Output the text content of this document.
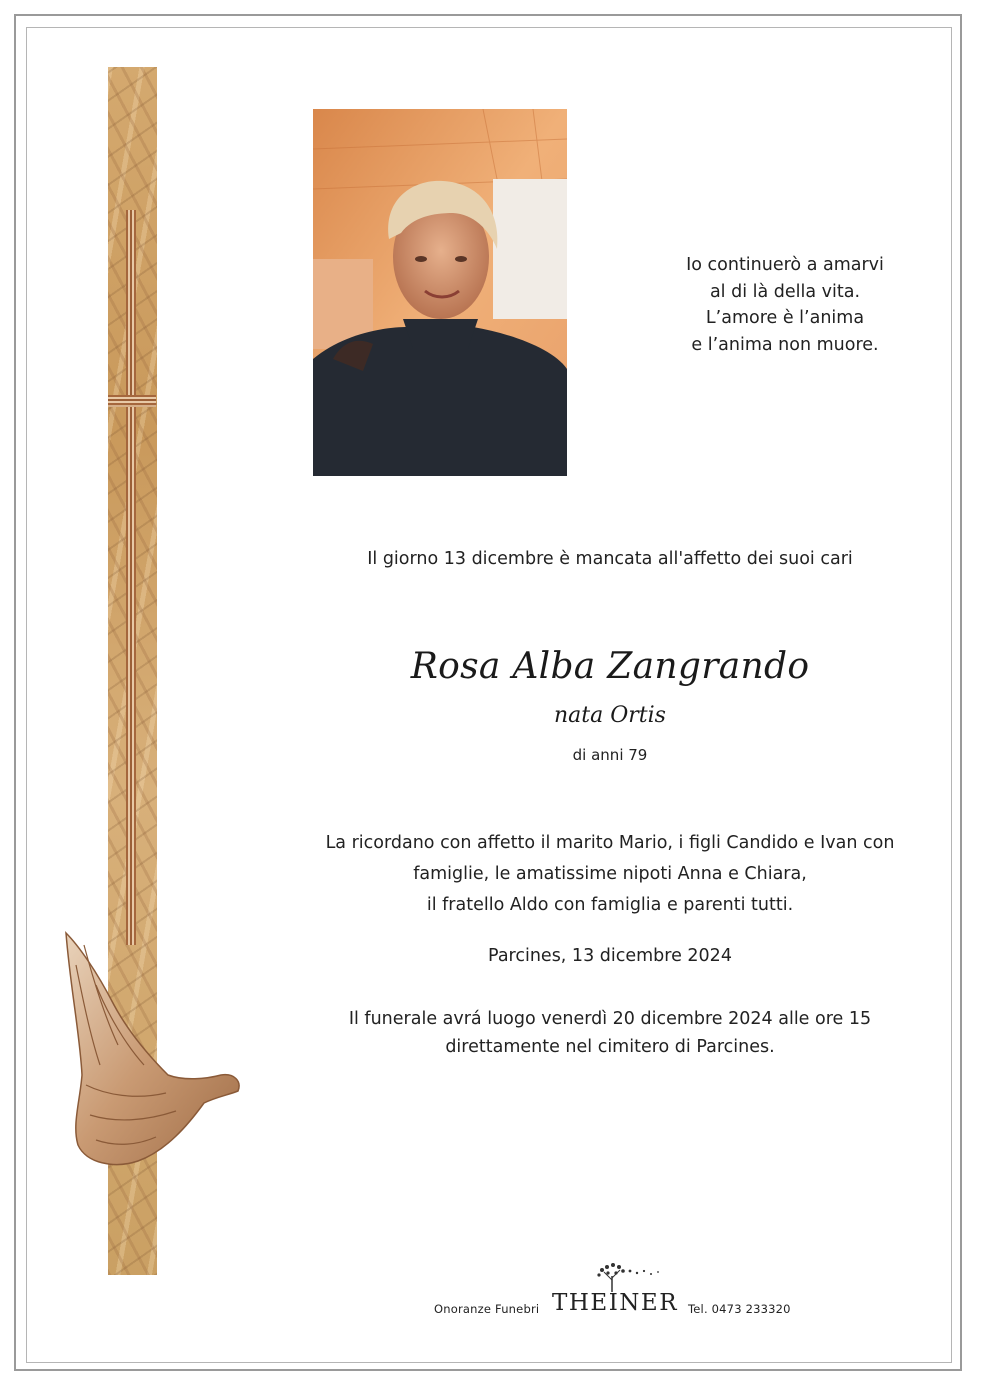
Io continuerò a amarvi
al di là della vita.
L’amore è l’anima
e l’anima non muore.
Il giorno 13 dicembre è mancata all'affetto dei suoi cari
Rosa Alba Zangrando
nata Ortis
di anni 79
La ricordano con affetto il marito Mario, i figli Candido e Ivan con
famiglie, le amatissime nipoti Anna e Chiara,
il fratello Aldo con famiglia e parenti tutti.
Parcines, 13 dicembre 2024
Il funerale avrá luogo venerdì 20 dicembre 2024 alle ore 15
direttamente nel cimitero di Parcines.
Onoranze Funebri THEINER Tel. 0473 233320
